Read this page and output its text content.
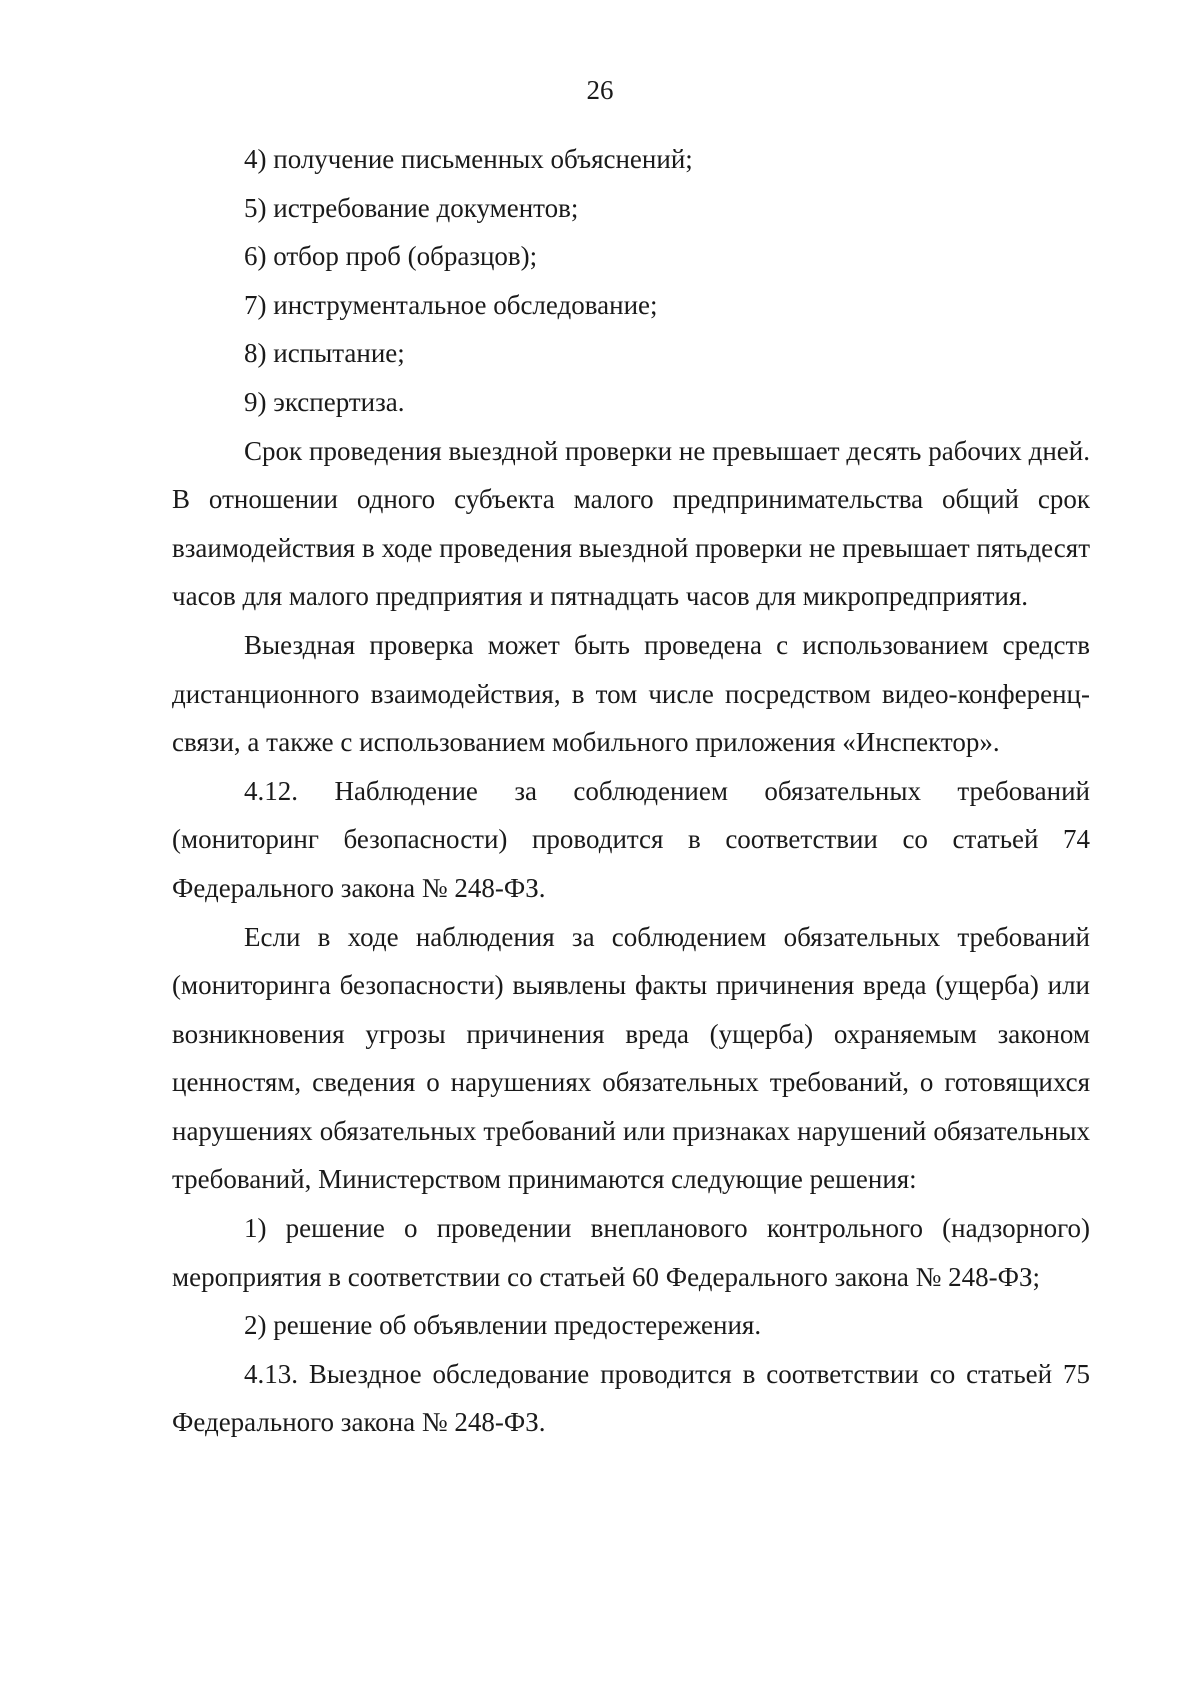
26

4) получение письменных объяснений;

5) истребование документов;

6) отбор проб (образцов);

7) инструментальное обследование;

8) испытание;

9) экспертиза.

Срок проведения выездной проверки не превышает десять рабочих дней. В отношении одного субъекта малого предпринимательства общий срок взаимодействия в ходе проведения выездной проверки не превышает пятьдесят часов для малого предприятия и пятнадцать часов для микропредприятия.

Выездная проверка может быть проведена с использованием средств дистанционного взаимодействия, в том числе посредством видео-конференц-связи, а также с использованием мобильного приложения «Инспектор».

4.12. Наблюдение за соблюдением обязательных требований (мониторинг безопасности) проводится в соответствии со статьей 74 Федерального закона № 248-ФЗ.

Если в ходе наблюдения за соблюдением обязательных требований (мониторинга безопасности) выявлены факты причинения вреда (ущерба) или возникновения угрозы причинения вреда (ущерба) охраняемым законом ценностям, сведения о нарушениях обязательных требований, о готовящихся нарушениях обязательных требований или признаках нарушений обязательных требований, Министерством принимаются следующие решения:

1) решение о проведении внепланового контрольного (надзорного) мероприятия в соответствии со статьей 60 Федерального закона № 248-ФЗ;

2) решение об объявлении предостережения.

4.13. Выездное обследование проводится в соответствии со статьей 75 Федерального закона № 248-ФЗ.
